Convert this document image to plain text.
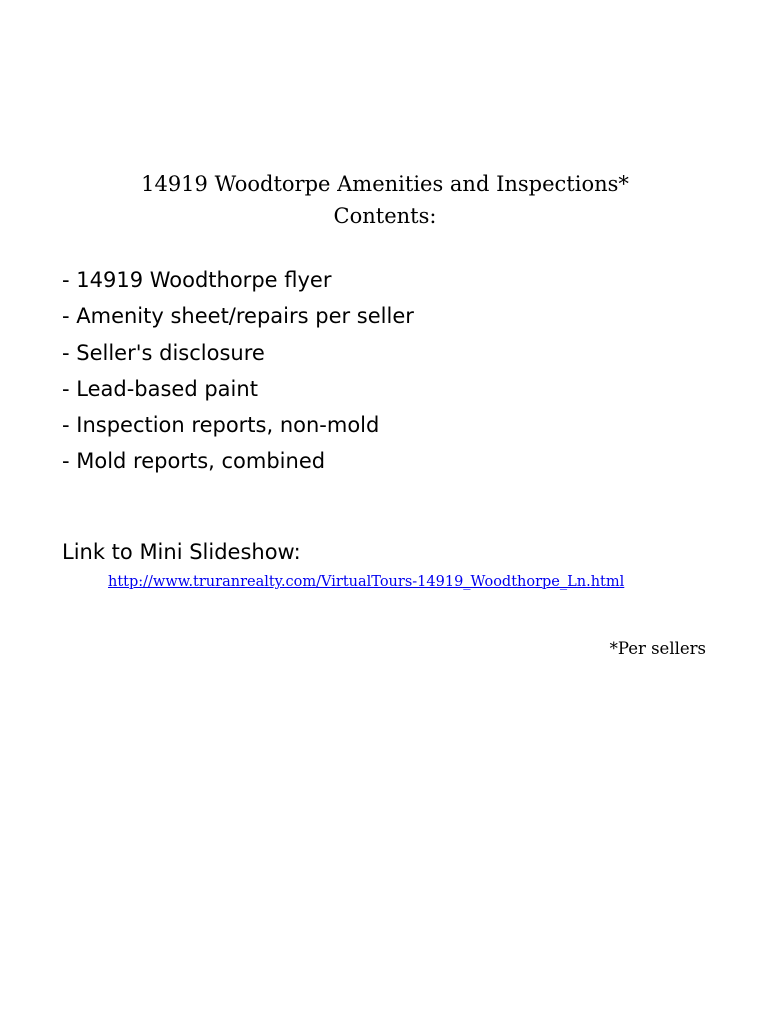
14919 Woodtorpe Amenities and Inspections*
Contents:
- 14919 Woodthorpe flyer
- Amenity sheet/repairs per seller
- Seller's disclosure
- Lead-based paint
- Inspection reports, non-mold
- Mold reports, combined
Link to Mini Slideshow:
http://www.truranrealty.com/VirtualTours-14919_Woodthorpe_Ln.html
*Per sellers
